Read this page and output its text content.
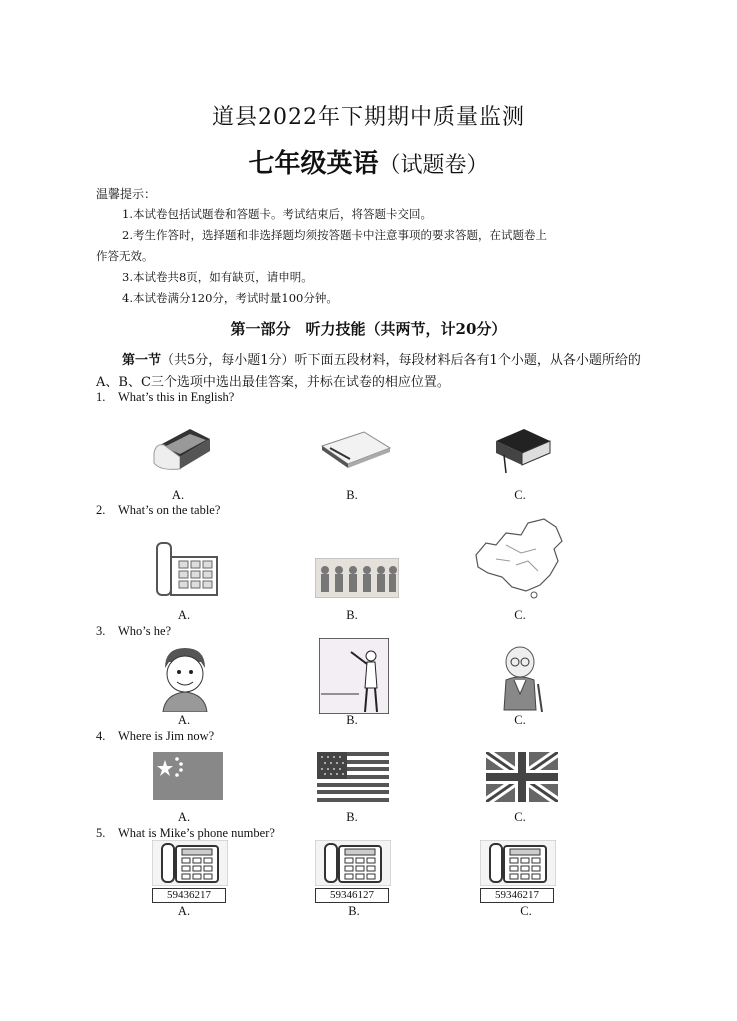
道县2022年下期期中质量监测
七年级英语（试题卷）
温馨提示：
1.本试卷包括试题卷和答题卡。考试结束后，将答题卡交回。
2.考生作答时，选择题和非选择题均须按答题卡中注意事项的要求答题，在试题卷上
作答无效。
3.本试卷共8页，如有缺页，请申明。
4.本试卷满分120分，考试时量100分钟。
第一部分　听力技能（共两节，计20分）
第一节（共5分，每小题1分）听下面五段材料，每段材料后各有1个小题，从各小题所给的A、B、C三个选项中选出最佳答案，并标在试卷的相应位置。
1. What’s this in English?
A.	B.	C.
2. What’s on the table?
A.	B.	C.
3. Who’s he?
A.	B.	C.
4. Where is Jim now?
A.	B.	C.
5. What is Mike’s phone number?
59436217	59346127	59346217
A.	B.	C.
